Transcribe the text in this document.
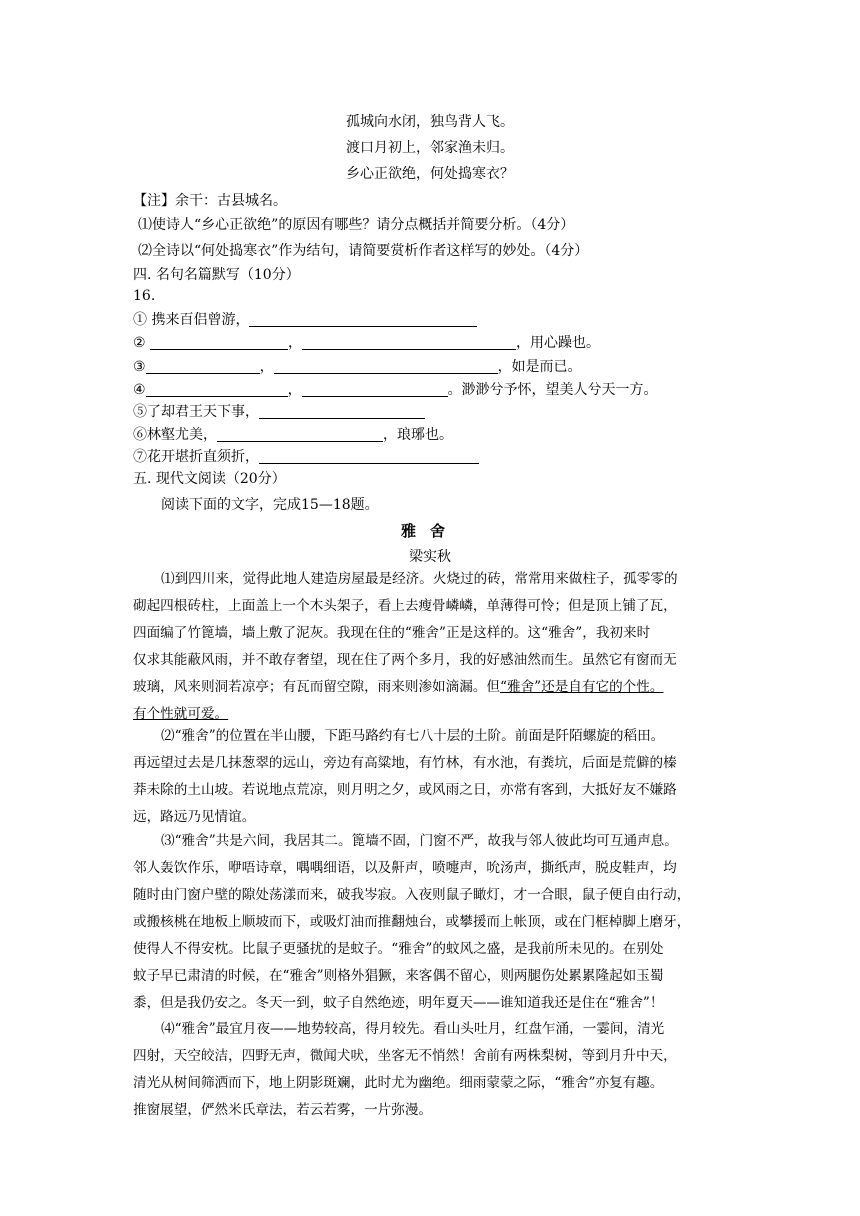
孤城向水闭，独鸟背人飞。
渡口月初上，邻家渔未归。
乡心正欲绝，何处捣寒衣？
【注】余干：古县城名。
⑴使诗人“乡心正欲绝”的原因有哪些？请分点概括并简要分析。（4分）
⑵全诗以“何处捣寒衣”作为结句，请简要赏析作者这样写的妙处。（4分）
四. 名句名篇默写（10分）
16.
① 携来百侣曾游，
②	，	，用心躁也。
③	，	，如是而已。
④	，	。渺渺兮予怀，望美人兮天一方。
⑤了却君王天下事，
⑥林壑尤美，	，琅琊也。
⑦花开堪折直须折，
五. 现代文阅读（20分）
阅读下面的文字，完成15—18题。
雅舍
梁实秋
⑴到四川来，觉得此地人建造房屋最是经济。火烧过的砖，常常用来做柱子，孤零零的
砌起四根砖柱，上面盖上一个木头架子，看上去瘦骨嶙嶙，单薄得可怜；但是顶上铺了瓦，
四面编了竹篦墙，墙上敷了泥灰。我现在住的“雅舍”正是这样的。这“雅舍”，我初来时
仅求其能蔽风雨，并不敢存奢望，现在住了两个多月，我的好感油然而生。虽然它有窗而无
玻璃，风来则洞若凉亭；有瓦而留空隙，雨来则渗如滴漏。但“雅舍”还是自有它的个性。
有个性就可爱。
⑵“雅舍”的位置在半山腰，下距马路约有七八十层的土阶。前面是阡陌螺旋的稻田。
再远望过去是几抹葱翠的远山，旁边有高粱地，有竹林，有水池，有粪坑，后面是荒僻的榛
莽未除的土山坡。若说地点荒凉，则月明之夕，或风雨之日，亦常有客到，大抵好友不嫌路
远，路远乃见情谊。
⑶“雅舍”共是六间，我居其二。篦墙不固，门窗不严，故我与邻人彼此均可互通声息。
邻人轰饮作乐，咿唔诗章，喁喁细语，以及鼾声，喷嚏声，吮汤声，撕纸声，脱皮鞋声，均
随时由门窗户壁的隙处荡漾而来，破我岑寂。入夜则鼠子瞰灯，才一合眼，鼠子便自由行动，
或搬核桃在地板上顺坡而下，或吸灯油而推翻烛台，或攀援而上帐顶，或在门框棹脚上磨牙，
使得人不得安枕。比鼠子更骚扰的是蚊子。“雅舍”的蚊风之盛，是我前所未见的。在别处
蚊子早已肃清的时候，在“雅舍”则格外猖獗，来客偶不留心，则两腿伤处累累隆起如玉蜀
黍，但是我仍安之。冬天一到，蚊子自然绝迹，明年夏天——谁知道我还是住在“雅舍”！
⑷“雅舍”最宜月夜——地势较高，得月较先。看山头吐月，红盘乍涌，一霎间，清光
四射，天空皎洁，四野无声，微闻犬吠，坐客无不悄然！舍前有两株梨树，等到月升中天，
清光从树间筛洒而下，地上阴影斑斓，此时尤为幽绝。细雨蒙蒙之际，“雅舍”亦复有趣。
推窗展望，俨然米氏章法，若云若雾，一片弥漫。
